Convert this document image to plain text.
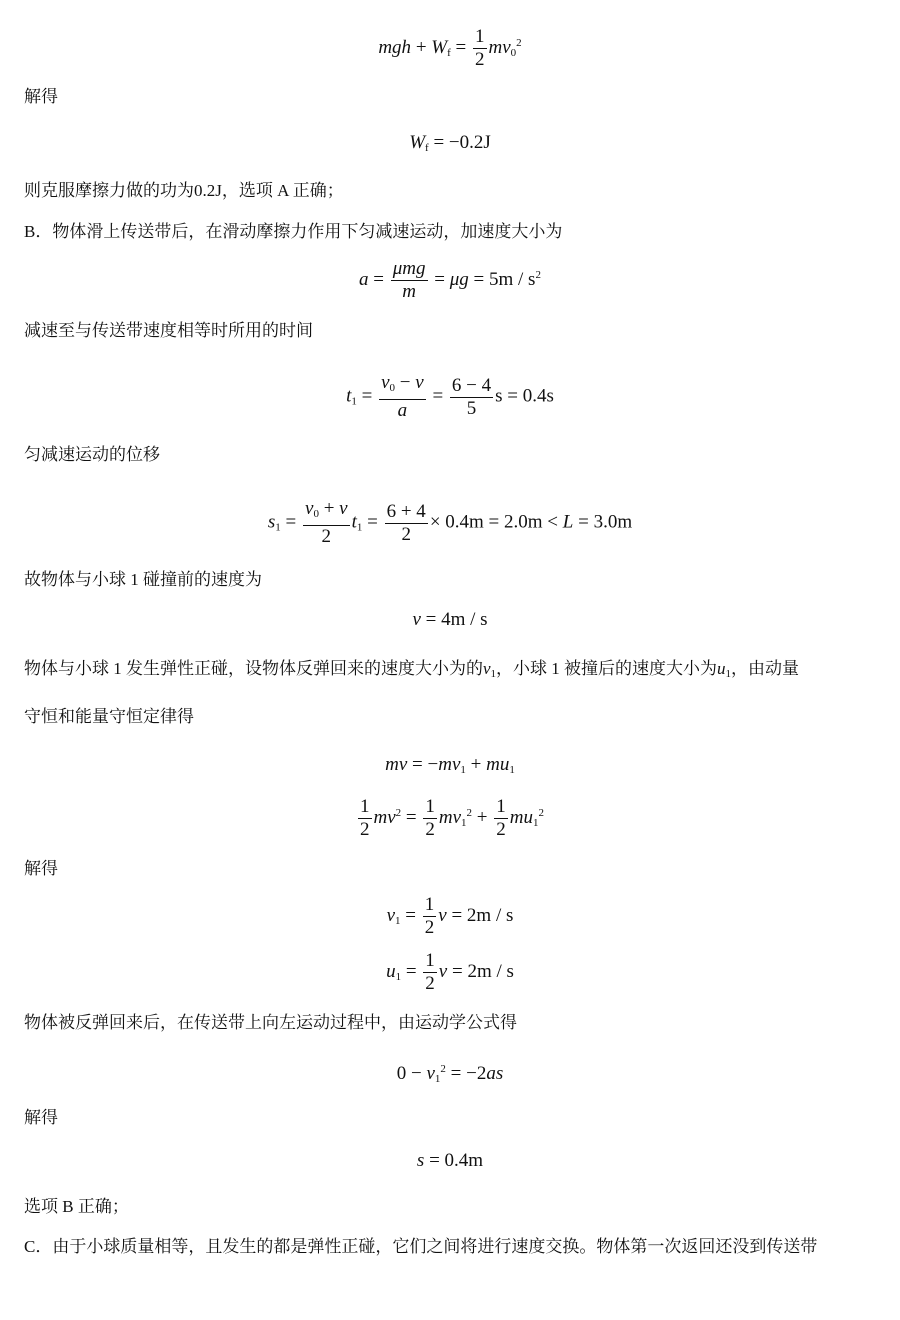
mgh + $W_f = \frac{1}{2} mv_0^2$
解得
$W_f = -0.2J$
则克服摩擦力做的功为0.2J，选项 A 正确；
B．物体滑上传送带后，在滑动摩擦力作用下匀减速运动，加速度大小为
$a = \frac{\text{μmg}}{m} = \mu g = 5m / s^2$
减速至与传送带速度相等时所用的时间
$t_1 = \frac{v_0 - v}{a} = \frac{6 - 4}{5}$ s = 0.4s
匀减速运动的位移
$s_1 = \frac{v_0 + v}{2} t_1 = \frac{6 + 4}{2} \times 0.4m = 2.0m < L = 3.0m$
故物体与小球 1 碰撞前的速度为
v = 4m / s
物体与小球 1 发生弹性正碰，设物体反弹回来的速度大小为的$v_1$，小球 1 被撞后的速度大小为$u_1$，由动量
守恒和能量守恒定律得
mv = $-mv_1 + mu_1$
$\frac{1}{2} mv^2 = \frac{1}{2} mv_1^2 + \frac{1}{2} mu_1^2$
解得
$v_1 = \frac{1}{2}$ v = 2m / s
$u_1 = \frac{1}{2}$ v = 2m / s
物体被反弹回来后，在传送带上向左运动过程中，由运动学公式得
$0 - v_1^2 = -2as$
解得
s = 0.4m
选项 B 正确；
C．由于小球质量相等，且发生的都是弹性正碰，它们之间将进行速度交换。物体第一次返回还没到传送带
